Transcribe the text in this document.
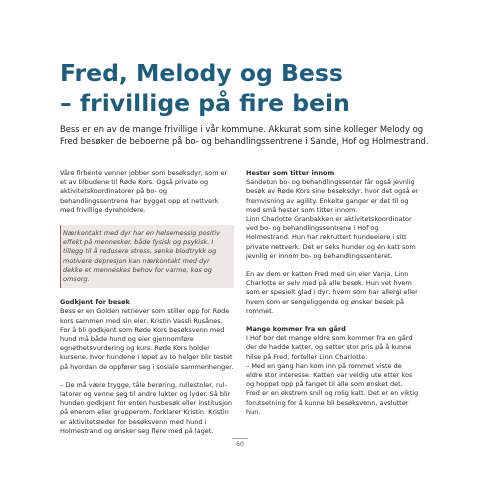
Fred, Melody og Bess
– frivillige på fire bein

Bess er en av de mange frivillige i vår kommune. Akkurat som sine kolleger Melody og Fred besøker de beboerne på bo- og behandlingssentrene i Sande, Hof og Holmestrand.

Våre firbente venner jobber som besøksdyr, som er et av tilbudene til Røde Kors. Også private og aktivitetskoordinatorer på bo- og behandlingssentrene har bygget opp et nettverk med frivillige dyreholdere.

Nærkontakt med dyr har en helsemessig positiv effekt på mennesker, både fysisk og psykisk. I tillegg til å redusere stress, senke blodtrykk og motivere depresjon kan nærkontakt med dyr dekke et menneskes behov for varme, kos og omsorg.

Godkjent for besøk

Bess er en Golden retriever som stiller opp for Røde kors sammen med sin eier, Kristin Vassli Rusånes. For å bli godkjent som Røde Kors besøksvenn med hund må både hund og eier gjennomføre egnethetsvurdering og kurs. Røde Kors holder kursene, hvor hundene i løpet av to helger blir testet på hvordan de oppfører seg i sosiale sammenhenger.

– De må være trygge, tåle berøring, rullestoler, rullatorer og venne seg til andre lukter og lyder. Så blir hunden godkjent for enten husbesøk eller institusjon på enerom eller grupperom, forklarer Kristin. Kristin er aktivitetsleder for besøksvenn med hund i Holmestrand og ønsker seg flere med på laget.

Hester som titter innom

Sandetun bo- og behandlingssenter får også jevnlig besøk av Røde Kors sine besøksdyr, hvor det også er fremvisning av agility. Enkelte ganger er det til og med små hester som titter innom.

Linn Charlotte Granbakken er aktivitetskoordinator ved bo- og behandlingssentrene i Hof og Holmestrand. Hun har rekruttert hundeeiere i sitt private nettverk. Det er seks hunder og én katt som jevnlig er innom bo- og behandlingssenteret.

En av dem er katten Fred med sin eier Vanja. Linn Charlotte er selv med på alle besøk. Hun vet hvem som er spesielt glad i dyr, hvem som har allergi eller hvem som er sengeliggende og ønsker besøk på rommet.

Mange kommer fra en gård

I Hof bor det mange eldre som kommer fra en gård der de hadde katter, og setter stor pris på å kunne hilse på Fred, forteller Linn Charlotte.

– Med en gang han kom inn på rommet viste de eldre stor interesse. Katten var veldig ute etter kos og hoppet opp på fanget til alle som ønsket det.

Fred er en ekstrem snill og rolig katt. Det er en viktig forutsetning for å kunne bli besøksvenn, avslutter hun.

60
